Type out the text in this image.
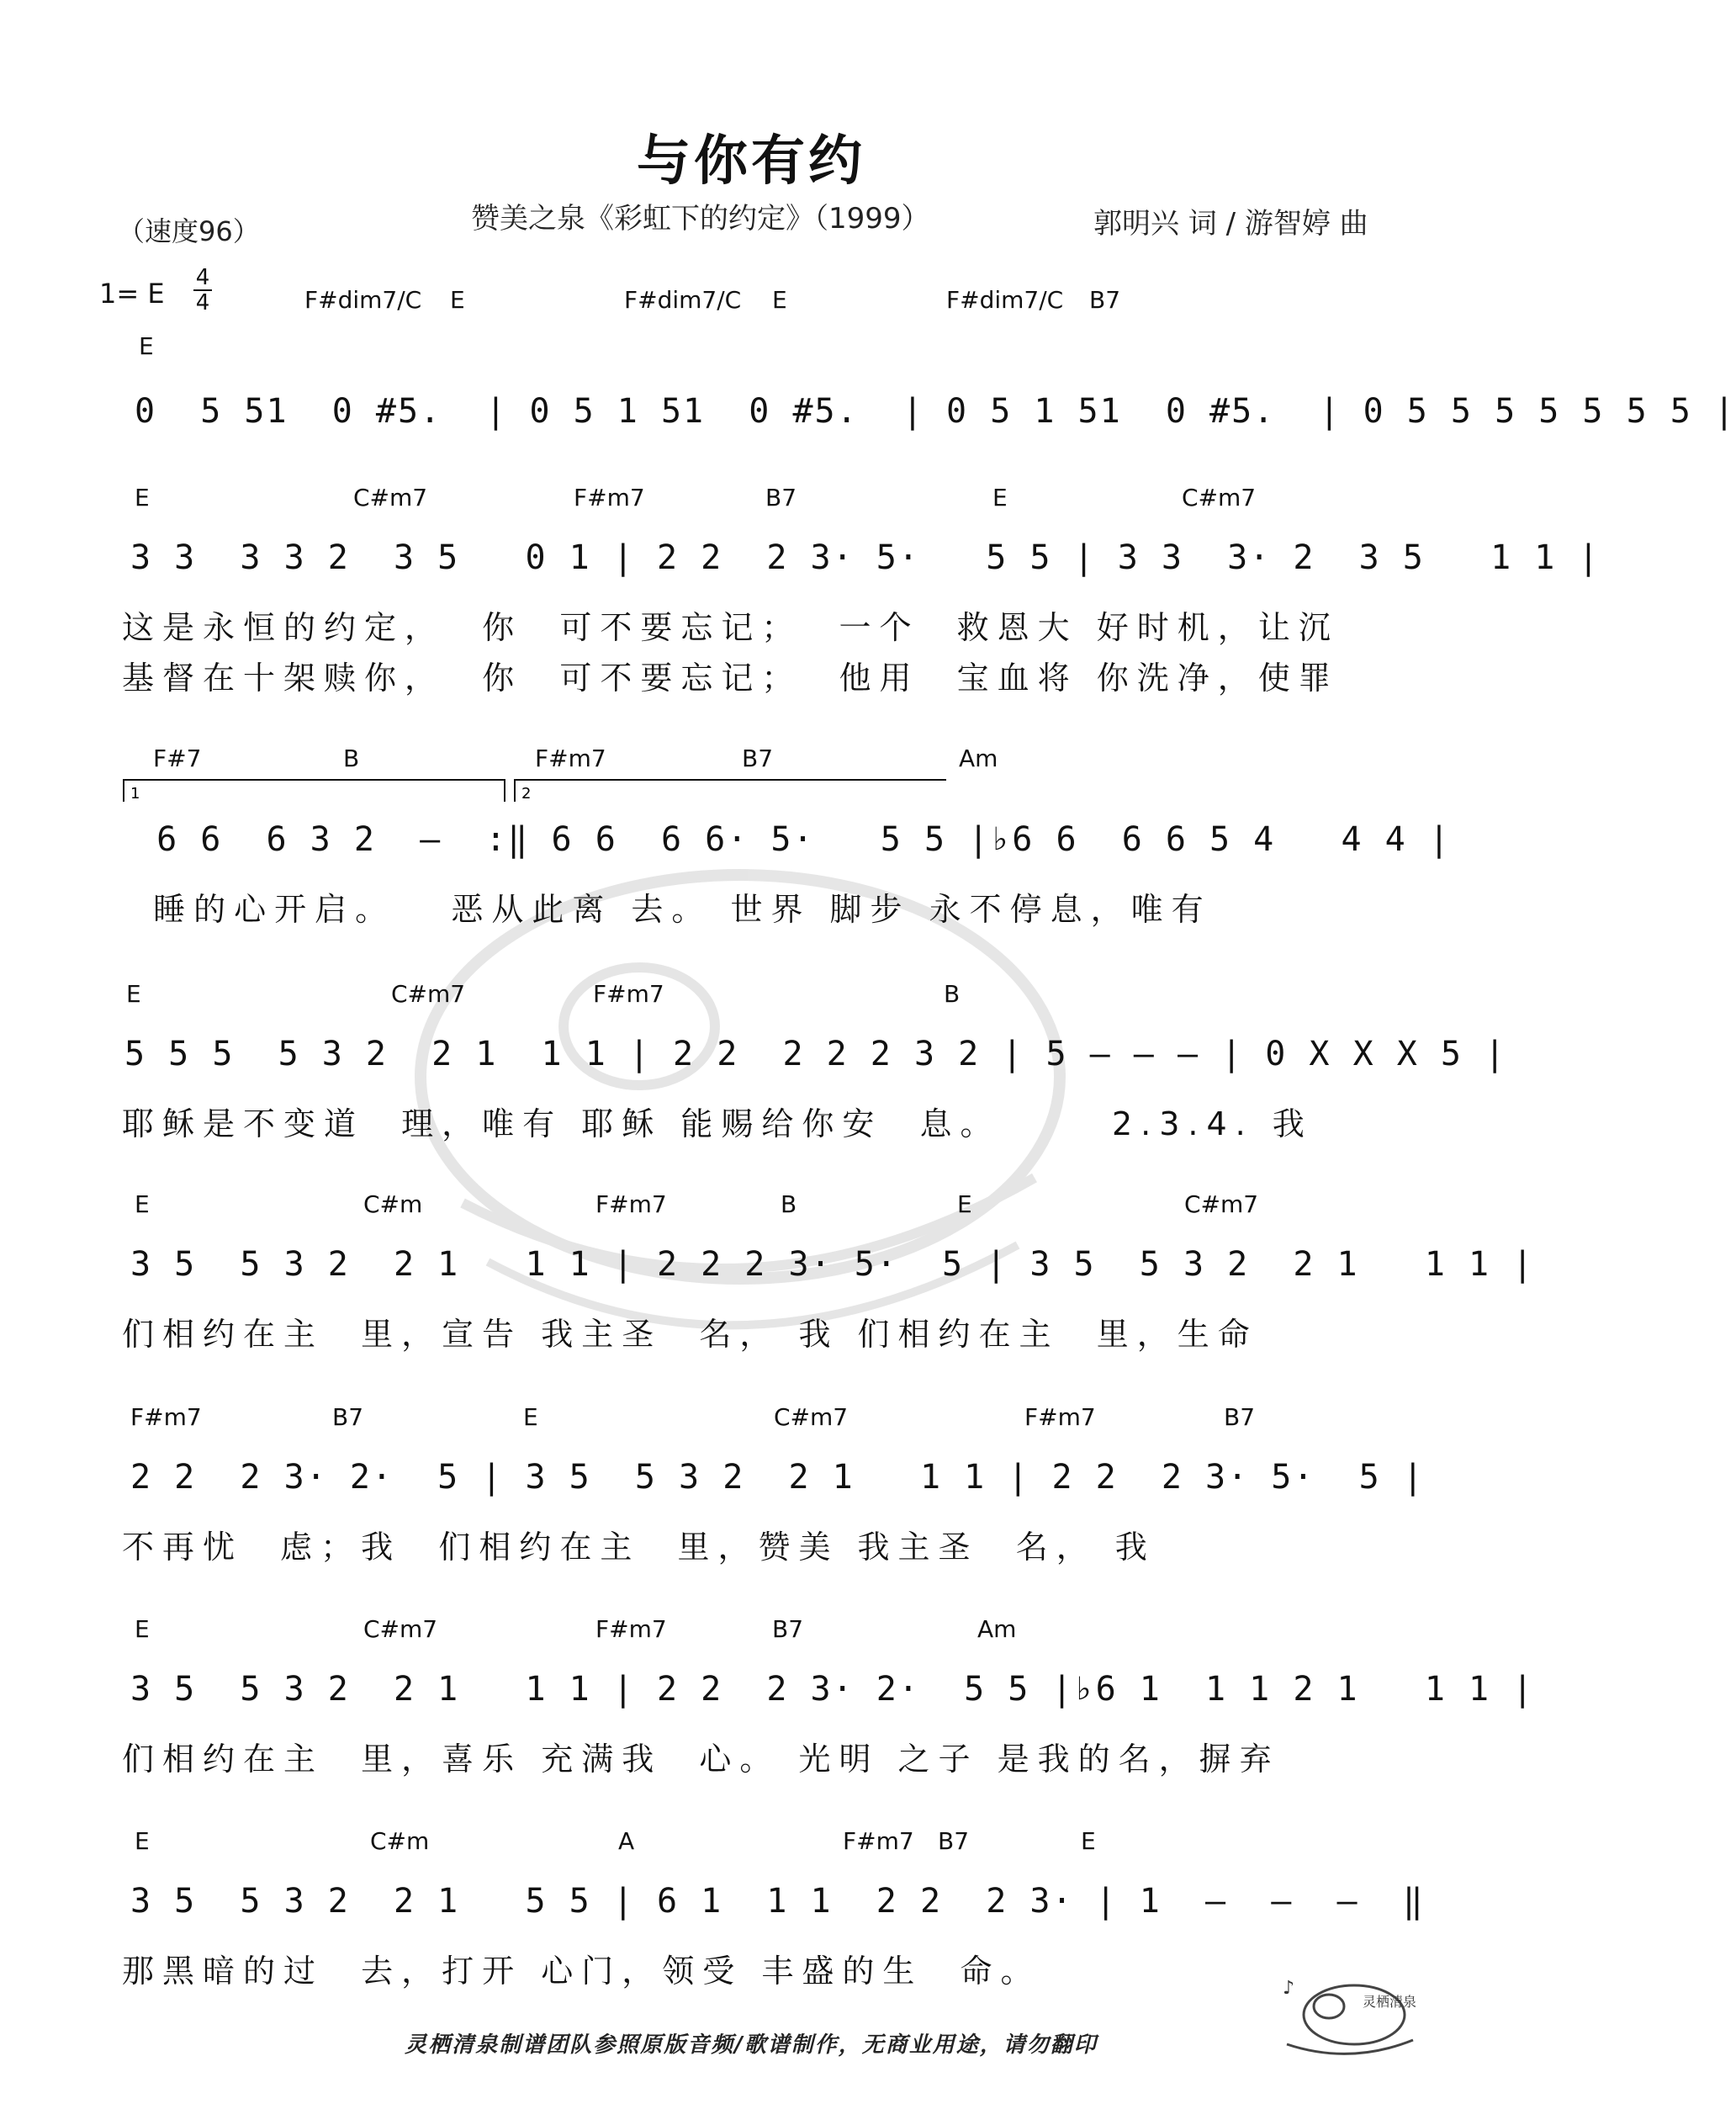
与你有约
赞美之泉《彩虹下的约定》（1999）
（速度96）	郭明兴 词 / 游智婷 曲
1= E 4
4
E
F#dim7/C E	F#dim7/C E	F#dim7/C B7
0  5 51  0 #5.  | 0 5 1 51  0 #5.  | 0 5 1 51  0 #5.  | 0 5 5 5 5 5 5 5 |
E	C#m7	F#m7	B7	E	C#m7
3 3  3 3 2  3 5   0 1 | 2 2  2 3· 5·   5 5 | 3 3  3· 2  3 5   1 1 |
这是永恒的约定，  你  可不要忘记；  一个  救恩大 好时机，让沉
基督在十架赎你，  你  可不要忘记；  他用  宝血将 你洗净，使罪
F#7	B	F#m7	B7	Am
1	2
6 6  6 3 2  –  :‖ 6 6  6 6· 5·   5 5 |♭6 6  6 6 5 4   4 4 |
睡的心开启。   恶从此离 去。 世界 脚步 永不停息，唯有
E	C#m7	F#m7	B
5 5 5  5 3 2  2 1  1 1 | 2 2  2 2 2 3 2 | 5 – – – | 0 X X X 5 |
耶稣是不变道  理，唯有 耶稣 能赐给你安  息。      2.3.4. 我
E	C#m	F#m7	B	E	C#m7
3 5  5 3 2  2 1   1 1 | 2 2 2 3· 5·  5 | 3 5  5 3 2  2 1   1 1 |
们相约在主  里，宣告 我主圣  名， 我 们相约在主  里，生命
F#m7	B7	E	C#m7	F#m7	B7
2 2  2 3· 2·  5 | 3 5  5 3 2  2 1   1 1 | 2 2  2 3· 5·  5 |
不再忧  虑；我  们相约在主  里，赞美 我主圣  名， 我
E	C#m7	F#m7	B7	Am
3 5  5 3 2  2 1   1 1 | 2 2  2 3· 2·  5 5 |♭6 1  1 1 2 1   1 1 |
们相约在主  里，喜乐 充满我  心。 光明 之子 是我的名，摒弃
E	C#m	A	F#m7 B7	E
3 5  5 3 2  2 1   5 5 | 6 1  1 1  2 2  2 3· | 1  –  –  –  ‖
那黑暗的过  去，打开 心门，领受 丰盛的生  命。
灵栖清泉制谱团队参照原版音频/歌谱制作，无商业用途，请勿翻印
灵栖清泉
♪
